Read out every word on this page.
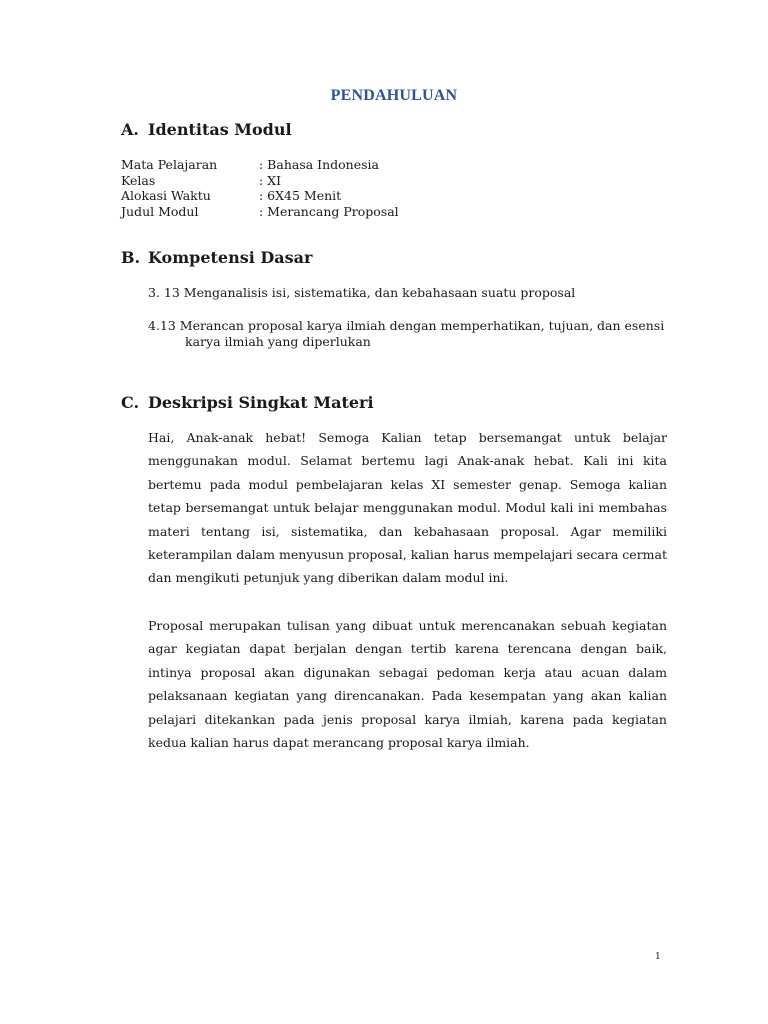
PENDAHULUAN
A. Identitas Modul
Mata Pelajaran	: Bahasa Indonesia
Kelas	: XI
Alokasi Waktu	: 6X45 Menit
Judul Modul	: Merancang Proposal
B. Kompetensi Dasar
3. 13 Menganalisis isi, sistematika, dan kebahasaan suatu proposal
4.13 Merancan proposal karya ilmiah dengan memperhatikan, tujuan, dan esensi
karya ilmiah yang diperlukan
C. Deskripsi Singkat Materi
Hai, Anak-anak hebat! Semoga Kalian tetap bersemangat untuk belajar menggunakan modul. Selamat bertemu lagi Anak-anak hebat. Kali ini kita bertemu pada modul pembelajaran kelas XI semester genap. Semoga kalian tetap bersemangat untuk belajar menggunakan modul. Modul kali ini membahas materi tentang isi, sistematika, dan kebahasaan proposal. Agar memiliki keterampilan dalam menyusun proposal, kalian harus mempelajari secara cermat dan mengikuti petunjuk yang diberikan dalam modul ini.
Proposal merupakan tulisan yang dibuat untuk merencanakan sebuah kegiatan agar kegiatan dapat berjalan dengan tertib karena terencana dengan baik, intinya proposal akan digunakan sebagai pedoman kerja atau acuan dalam pelaksanaan kegiatan yang direncanakan. Pada kesempatan yang akan kalian pelajari ditekankan pada jenis proposal karya ilmiah, karena pada kegiatan kedua kalian harus dapat merancang proposal karya ilmiah.
1
